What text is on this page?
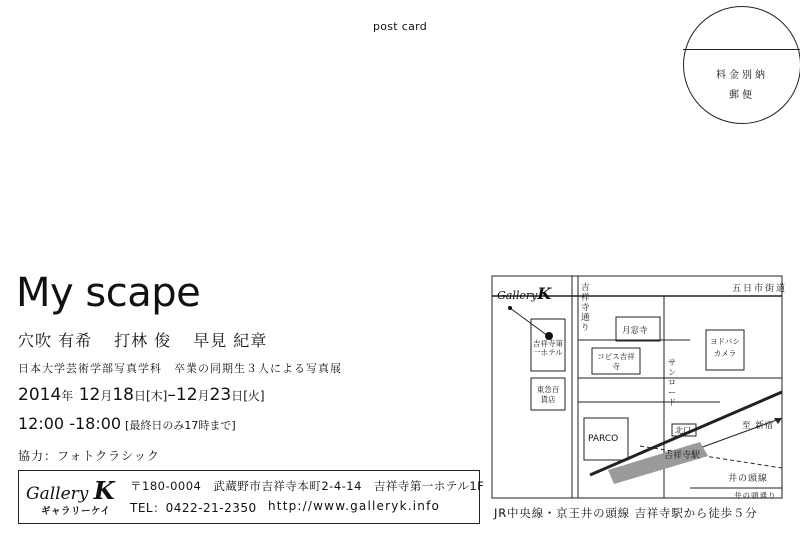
post card
料金別納
郵便
My scape
穴吹 有希 打林 俊 早見 紀章
日本大学芸術学部写真学科　卒業の同期生３人による写真展
2014年 12月18日[木]–12月23日[火]
12:00 -18:00 [最終日のみ17時まで]
協力：フォトクラシック
Gallery K
ギャラリーケイ
〒180-0004　武蔵野市吉祥寺本町2-4-14　吉祥寺第一ホテル1F
TEL：0422-21-2350 http://www.galleryk.info
GalleryK	五日市街道
吉祥寺通り	月窓寺
吉祥寺第一ホテル
ヨドバシカメラ
コピス吉祥寺	サンロード
東急百貨店
北口	至 新宿
PARCO
吉祥寺駅
井の頭線
井の頭通り
JR中央線・京王井の頭線 吉祥寺駅から徒歩５分
